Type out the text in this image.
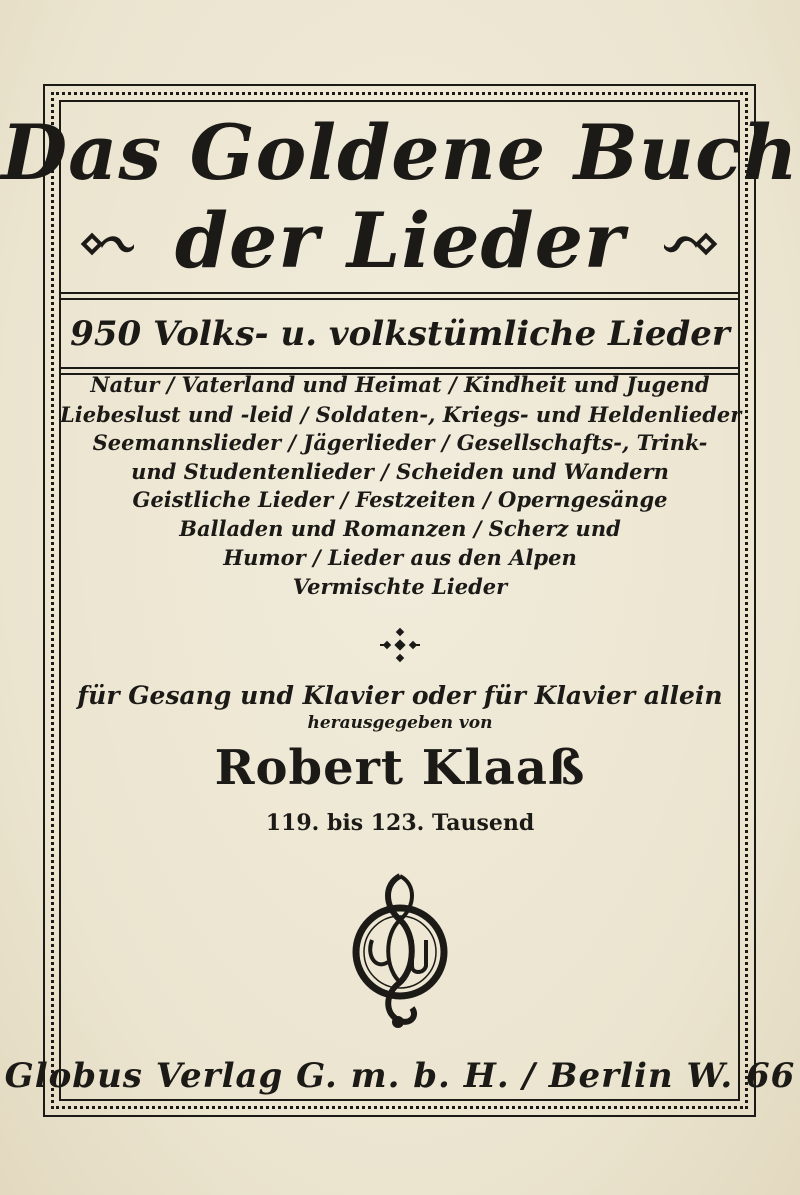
Das Goldene Buch
der Lieder
950 Volks- u. volkstümliche Lieder
Natur / Vaterland und Heimat / Kindheit und Jugend
Liebeslust und -leid / Soldaten-, Kriegs- und Heldenlieder
Seemannslieder / Jägerlieder / Gesellschafts-, Trink-
und Studentenlieder / Scheiden und Wandern
Geistliche Lieder / Festzeiten / Operngesänge
Balladen und Romanzen / Scherz und
Humor / Lieder aus den Alpen
Vermischte Lieder
für Gesang und Klavier oder für Klavier allein
herausgegeben von
Robert Klaaß
119. bis 123. Tausend
Globus Verlag G. m. b. H. / Berlin W. 66
